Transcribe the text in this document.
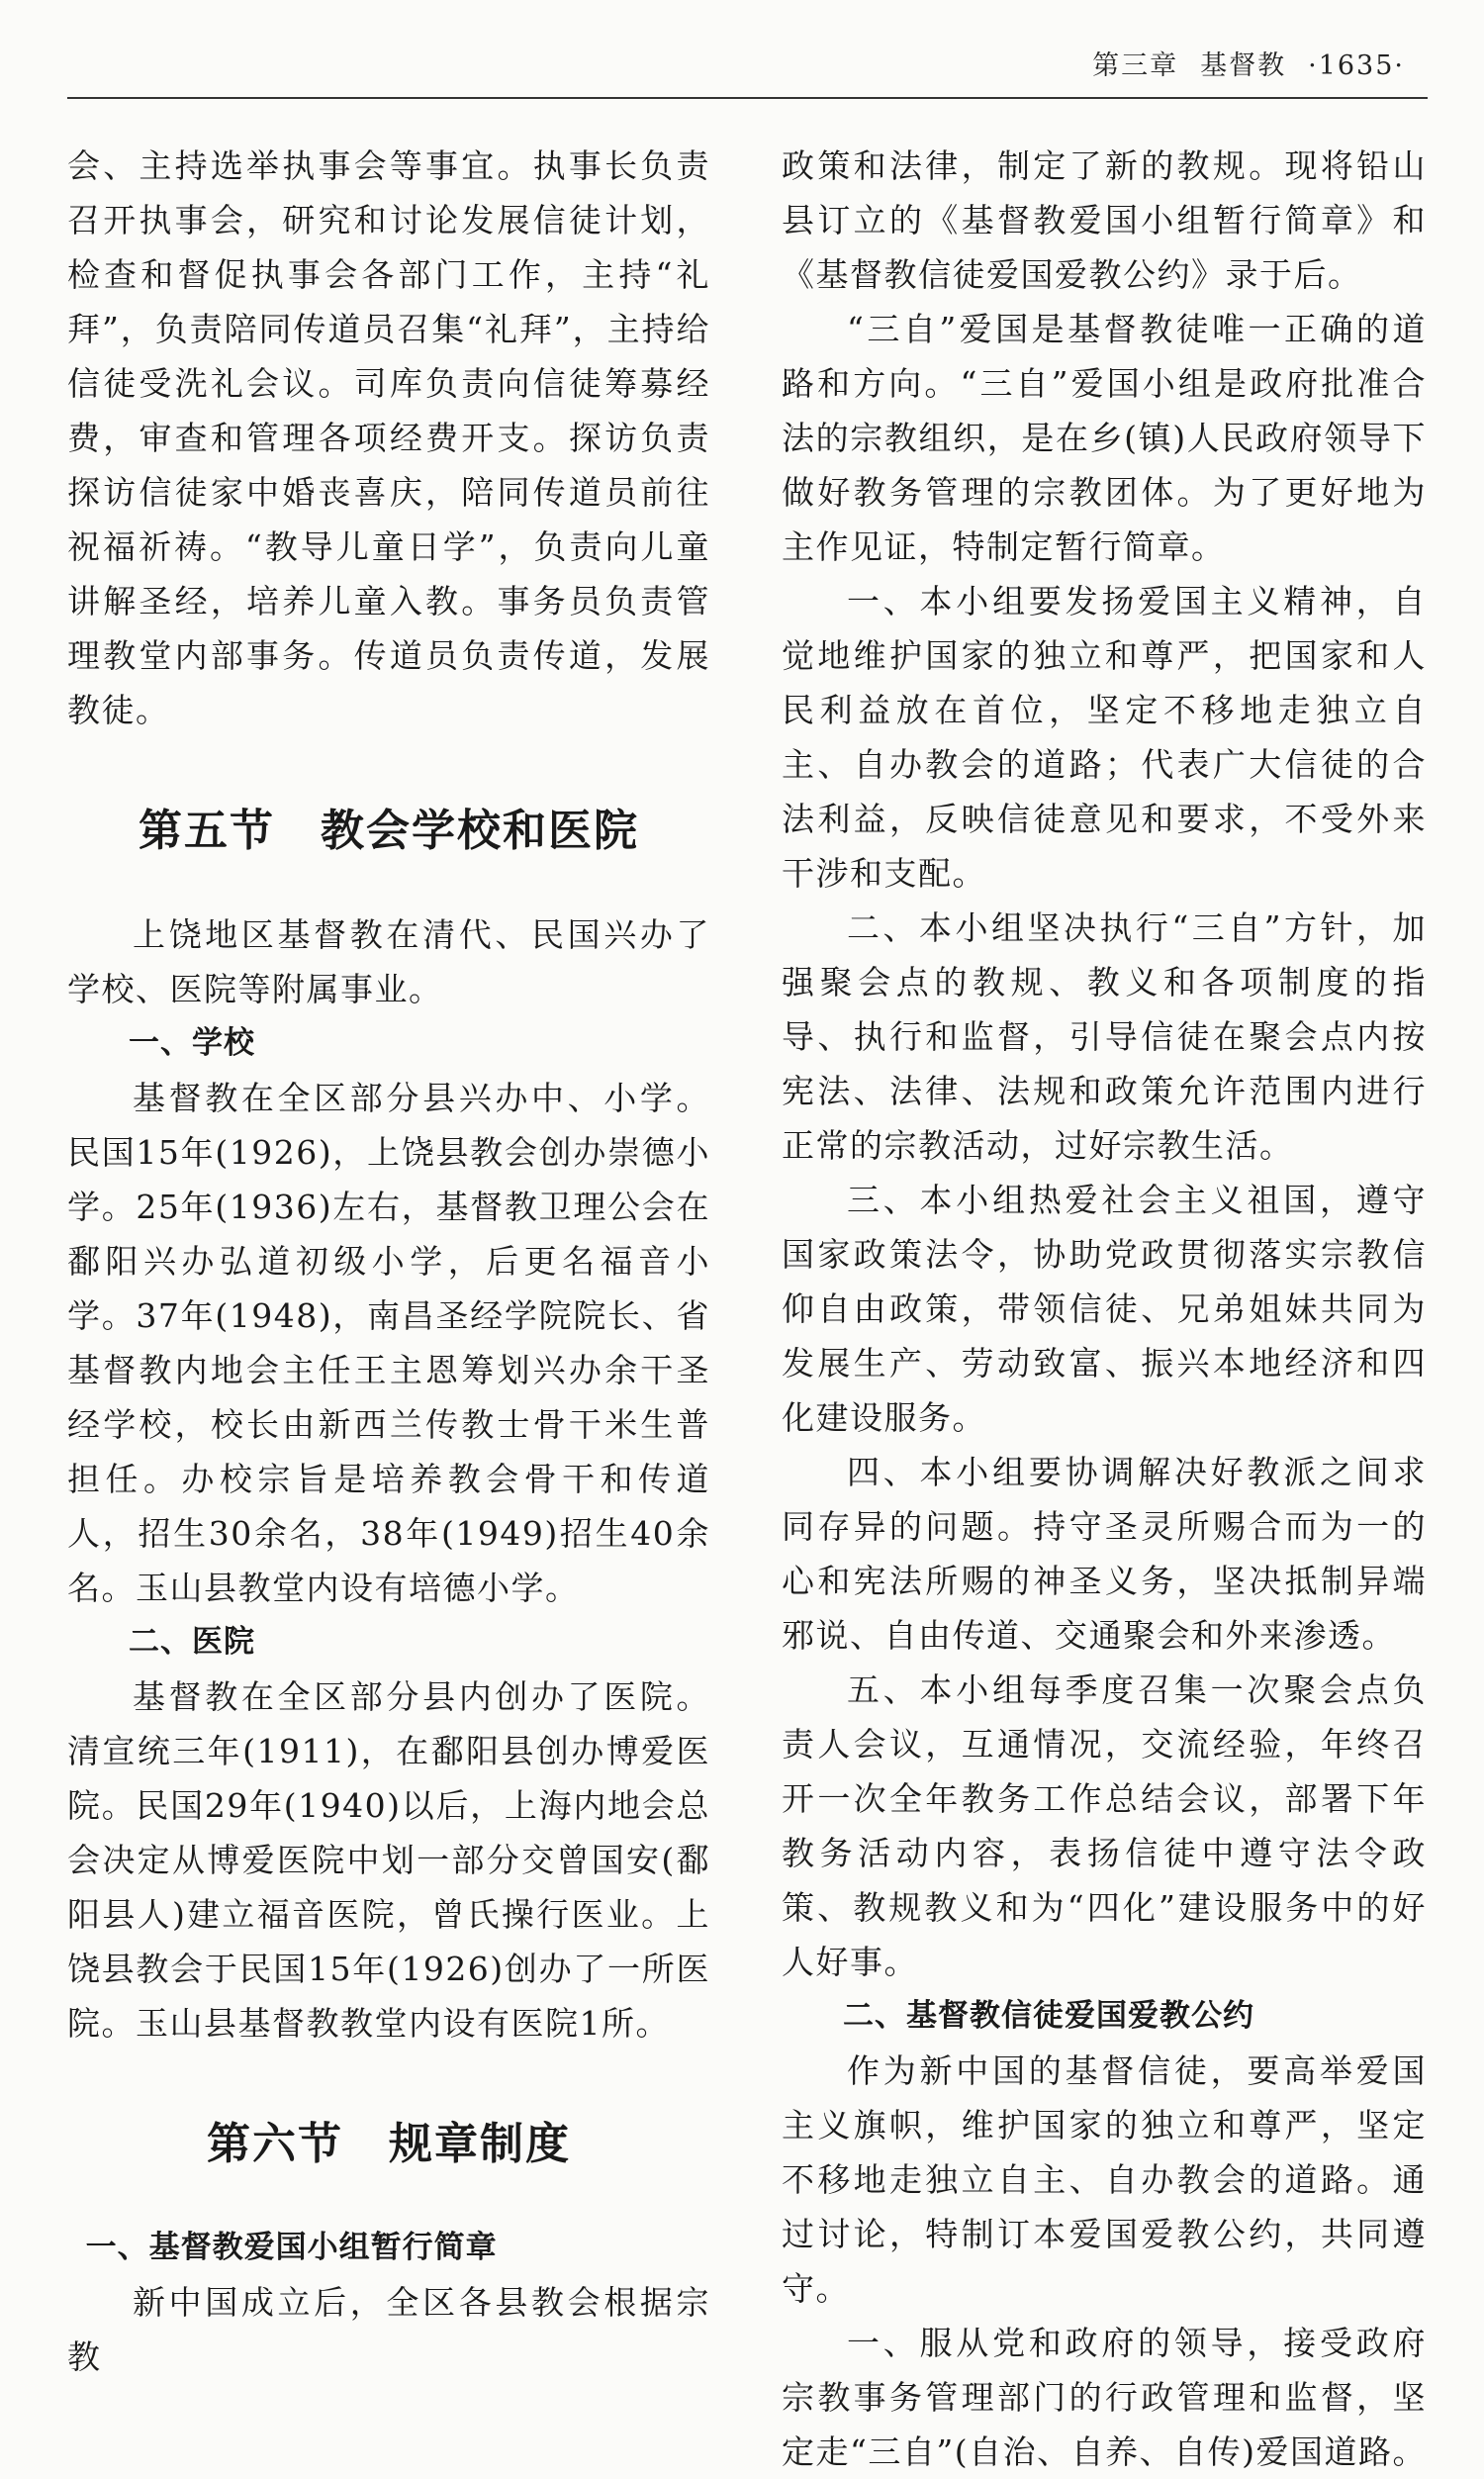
第三章 基督教 ·1635·

会、主持选举执事会等事宜。执事长负责召开执事会，研究和讨论发展信徒计划，检查和督促执事会各部门工作，主持“礼拜”，负责陪同传道员召集“礼拜”，主持给信徒受洗礼会议。司库负责向信徒筹募经费，审查和管理各项经费开支。探访负责探访信徒家中婚丧喜庆，陪同传道员前往祝福祈祷。“教导儿童日学”，负责向儿童讲解圣经，培养儿童入教。事务员负责管理教堂内部事务。传道员负责传道，发展教徒。

第五节　教会学校和医院

上饶地区基督教在清代、民国兴办了学校、医院等附属事业。

一、学校

基督教在全区部分县兴办中、小学。民国15年(1926)，上饶县教会创办崇德小学。25年(1936)左右，基督教卫理公会在鄱阳兴办弘道初级小学，后更名福音小学。37年(1948)，南昌圣经学院院长、省基督教内地会主任王主恩筹划兴办余干圣经学校，校长由新西兰传教士骨干米生普担任。办校宗旨是培养教会骨干和传道人，招生30余名，38年(1949)招生40余名。玉山县教堂内设有培德小学。

二、医院

基督教在全区部分县内创办了医院。清宣统三年(1911)，在鄱阳县创办博爱医院。民国29年(1940)以后，上海内地会总会决定从博爱医院中划一部分交曾国安(鄱阳县人)建立福音医院，曾氏操行医业。上饶县教会于民国15年(1926)创办了一所医院。玉山县基督教教堂内设有医院1所。

第六节　规章制度

一、基督教爱国小组暂行简章

新中国成立后，全区各县教会根据宗教

政策和法律，制定了新的教规。现将铅山县订立的《基督教爱国小组暂行简章》和《基督教信徒爱国爱教公约》录于后。

“三自”爱国是基督教徒唯一正确的道路和方向。“三自”爱国小组是政府批准合法的宗教组织，是在乡(镇)人民政府领导下做好教务管理的宗教团体。为了更好地为主作见证，特制定暂行简章。

一、本小组要发扬爱国主义精神，自觉地维护国家的独立和尊严，把国家和人民利益放在首位，坚定不移地走独立自主、自办教会的道路；代表广大信徒的合法利益，反映信徒意见和要求，不受外来干涉和支配。

二、本小组坚决执行“三自”方针，加强聚会点的教规、教义和各项制度的指导、执行和监督，引导信徒在聚会点内按宪法、法律、法规和政策允许范围内进行正常的宗教活动，过好宗教生活。

三、本小组热爱社会主义祖国，遵守国家政策法令，协助党政贯彻落实宗教信仰自由政策，带领信徒、兄弟姐妹共同为发展生产、劳动致富、振兴本地经济和四化建设服务。

四、本小组要协调解决好教派之间求同存异的问题。持守圣灵所赐合而为一的心和宪法所赐的神圣义务，坚决抵制异端邪说、自由传道、交通聚会和外来渗透。

五、本小组每季度召集一次聚会点负责人会议，互通情况，交流经验，年终召开一次全年教务工作总结会议，部署下年教务活动内容，表扬信徒中遵守法令政策、教规教义和为“四化”建设服务中的好人好事。

二、基督教信徒爱国爱教公约

作为新中国的基督信徒，要高举爱国主义旗帜，维护国家的独立和尊严，坚定不移地走独立自主、自办教会的道路。通过讨论，特制订本爱国爱教公约，共同遵守。

一、服从党和政府的领导，接受政府宗教事务管理部门的行政管理和监督，坚定走“三自”(自治、自养、自传)爱国道路。
